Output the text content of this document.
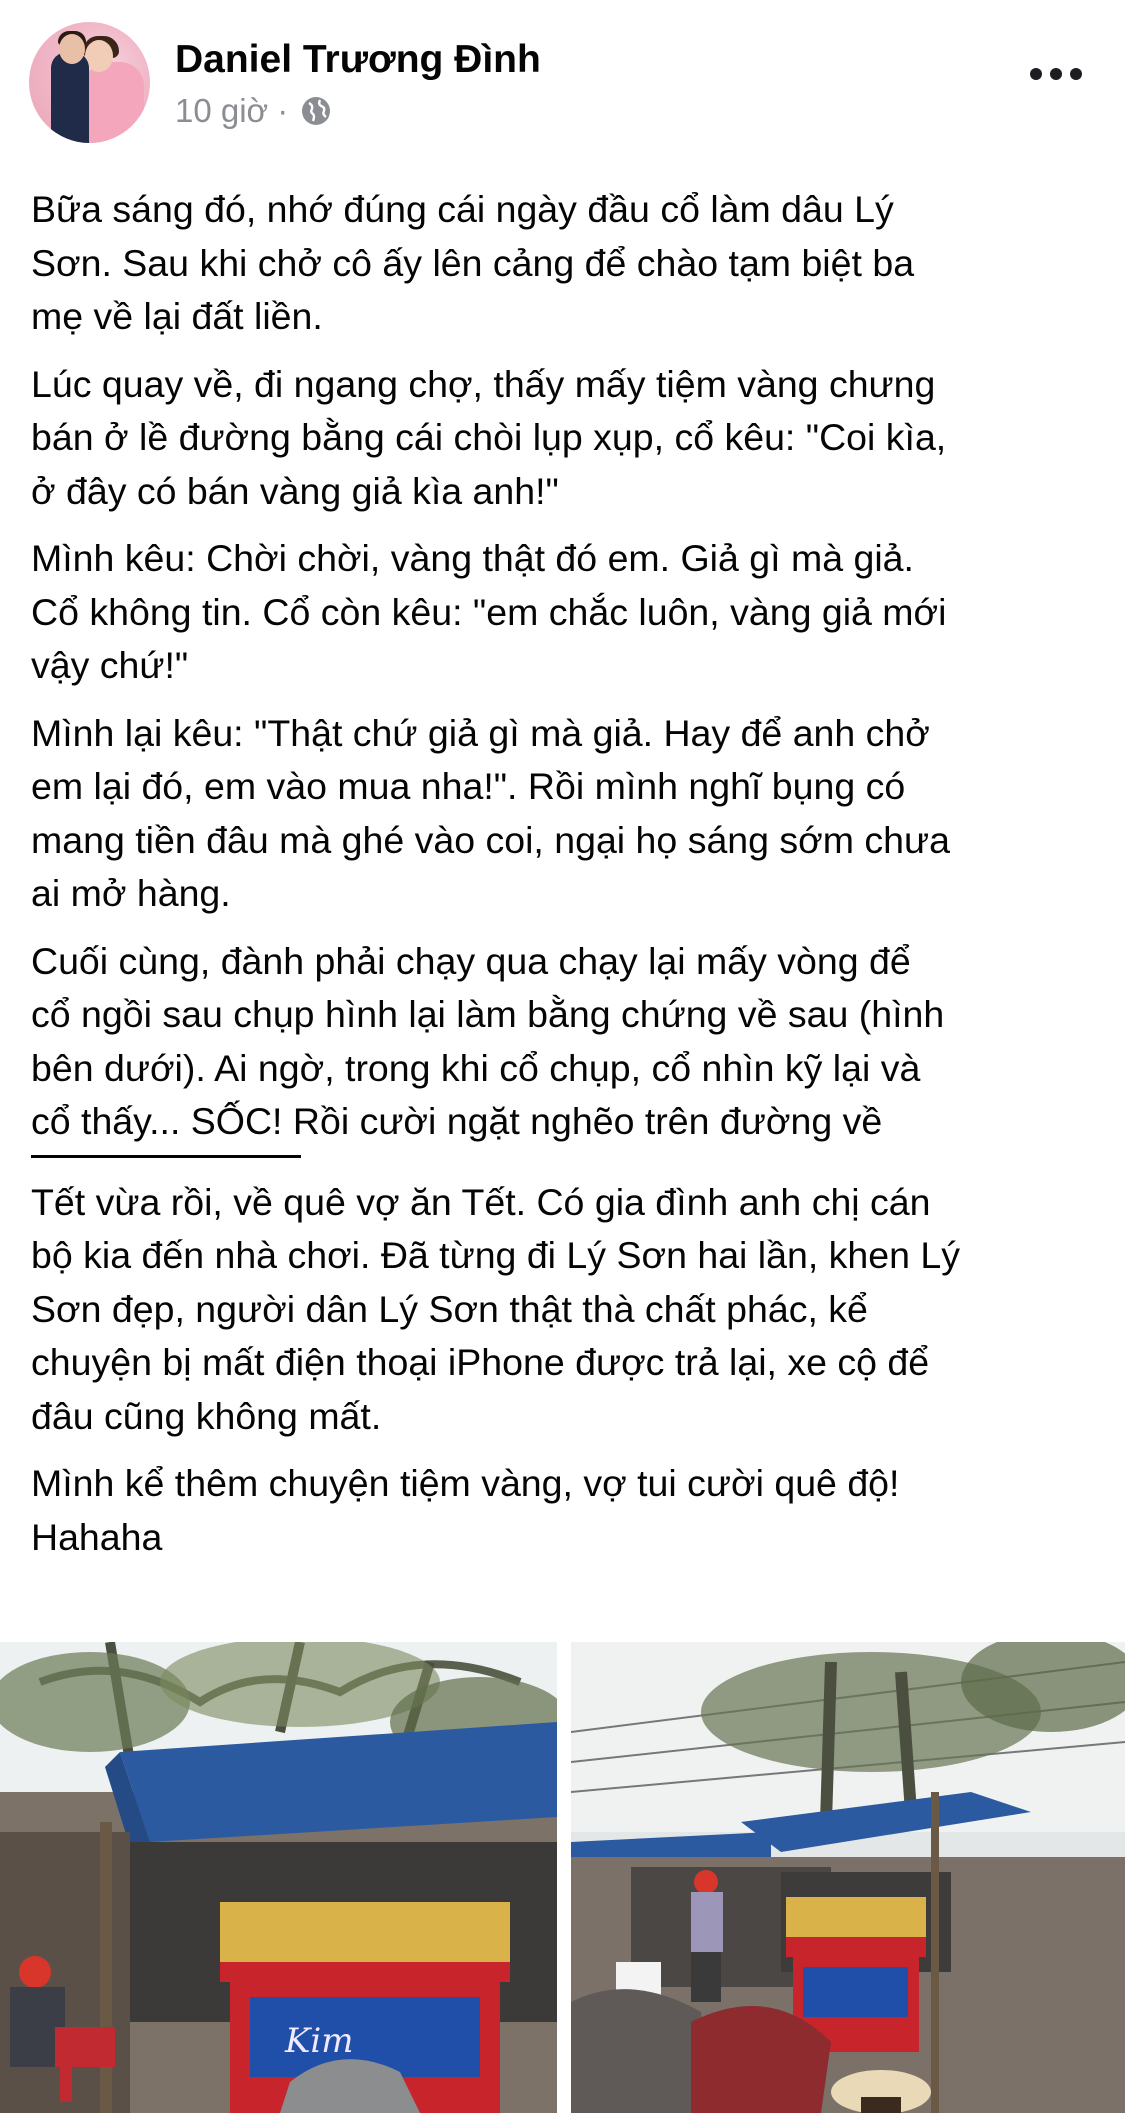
Daniel Trương Đình
10 giờ ·

Bữa sáng đó, nhớ đúng cái ngày đầu cổ làm dâu Lý
Sơn. Sau khi chở cô ấy lên cảng để chào tạm biệt ba
mẹ về lại đất liền.

Lúc quay về, đi ngang chợ, thấy mấy tiệm vàng chưng
bán ở lề đường bằng cái chòi lụp xụp, cổ kêu: "Coi kìa,
ở đây có bán vàng giả kìa anh!"

Mình kêu: Chời chời, vàng thật đó em. Giả gì mà giả.
Cổ không tin. Cổ còn kêu: "em chắc luôn, vàng giả mới
vậy chứ!"

Mình lại kêu: "Thật chứ giả gì mà giả. Hay để anh chở
em lại đó, em vào mua nha!". Rồi mình nghĩ bụng có
mang tiền đâu mà ghé vào coi, ngại họ sáng sớm chưa
ai mở hàng.

Cuối cùng, đành phải chạy qua chạy lại mấy vòng để
cổ ngồi sau chụp hình lại làm bằng chứng về sau (hình
bên dưới). Ai ngờ, trong khi cổ chụp, cổ nhìn kỹ lại và
cổ thấy... SỐC! Rồi cười ngặt nghẽo trên đường về

Tết vừa rồi, về quê vợ ăn Tết. Có gia đình anh chị cán
bộ kia đến nhà chơi. Đã từng đi Lý Sơn hai lần, khen Lý
Sơn đẹp, người dân Lý Sơn thật thà chất phác, kể
chuyện bị mất điện thoại iPhone được trả lại, xe cộ để
đâu cũng không mất.

Mình kể thêm chuyện tiệm vàng, vợ tui cười quê độ!
Hahaha

Kim
